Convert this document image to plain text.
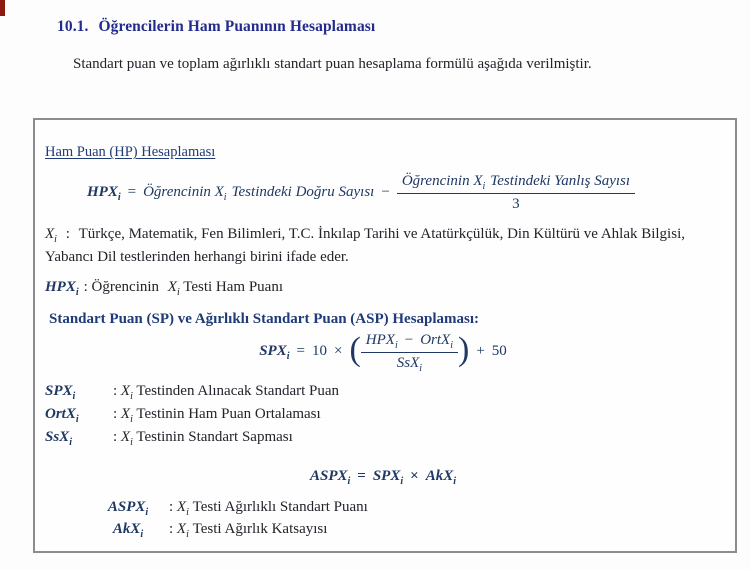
10.1. Öğrencilerin Ham Puanının Hesaplaması

Standart puan ve toplam ağırlıklı standart puan hesaplama formülü aşağıda verilmiştir.

Ham Puan (HP) Hesaplaması
$HPX_i$ = Öğrencinin $X_i$ Testindeki Doğru Sayısı − $\frac{Öğrencinin X_i Testindeki Yanlış Sayısı}{3}$

$X_i$ : Türkçe, Matematik, Fen Bilimleri, T.C. İnkılap Tarihi ve Atatürkçülük, Din Kültürü ve Ahlak Bilgisi, Yabancı Dil testlerinden herhangi birini ifade eder.

$HPX_i$ : Öğrencinin $X_i$ Testi Ham Puanı
Standart Puan (SP) ve Ağırlıklı Standart Puan (ASP) Hesaplaması:
$SPX_i = 10$ × ( $\frac{HPX_i - OrtX_i}{SsX_i}$ ) + 50
$SPX_i$	: $X_i$ Testinden Alınacak Standart Puan
OrtX$_i$	: $X_i$ Testinin Ham Puan Ortalaması
SsX$_i$	: $X_i$ Testinin Standart Sapması
$ASPX_i = SPX_i \times AkX_i$
$ASPX_i$	: $X_i$ Testi Ağırlıklı Standart Puanı
AkX$_i$	: $X_i$ Testi Ağırlık Katsayısı
